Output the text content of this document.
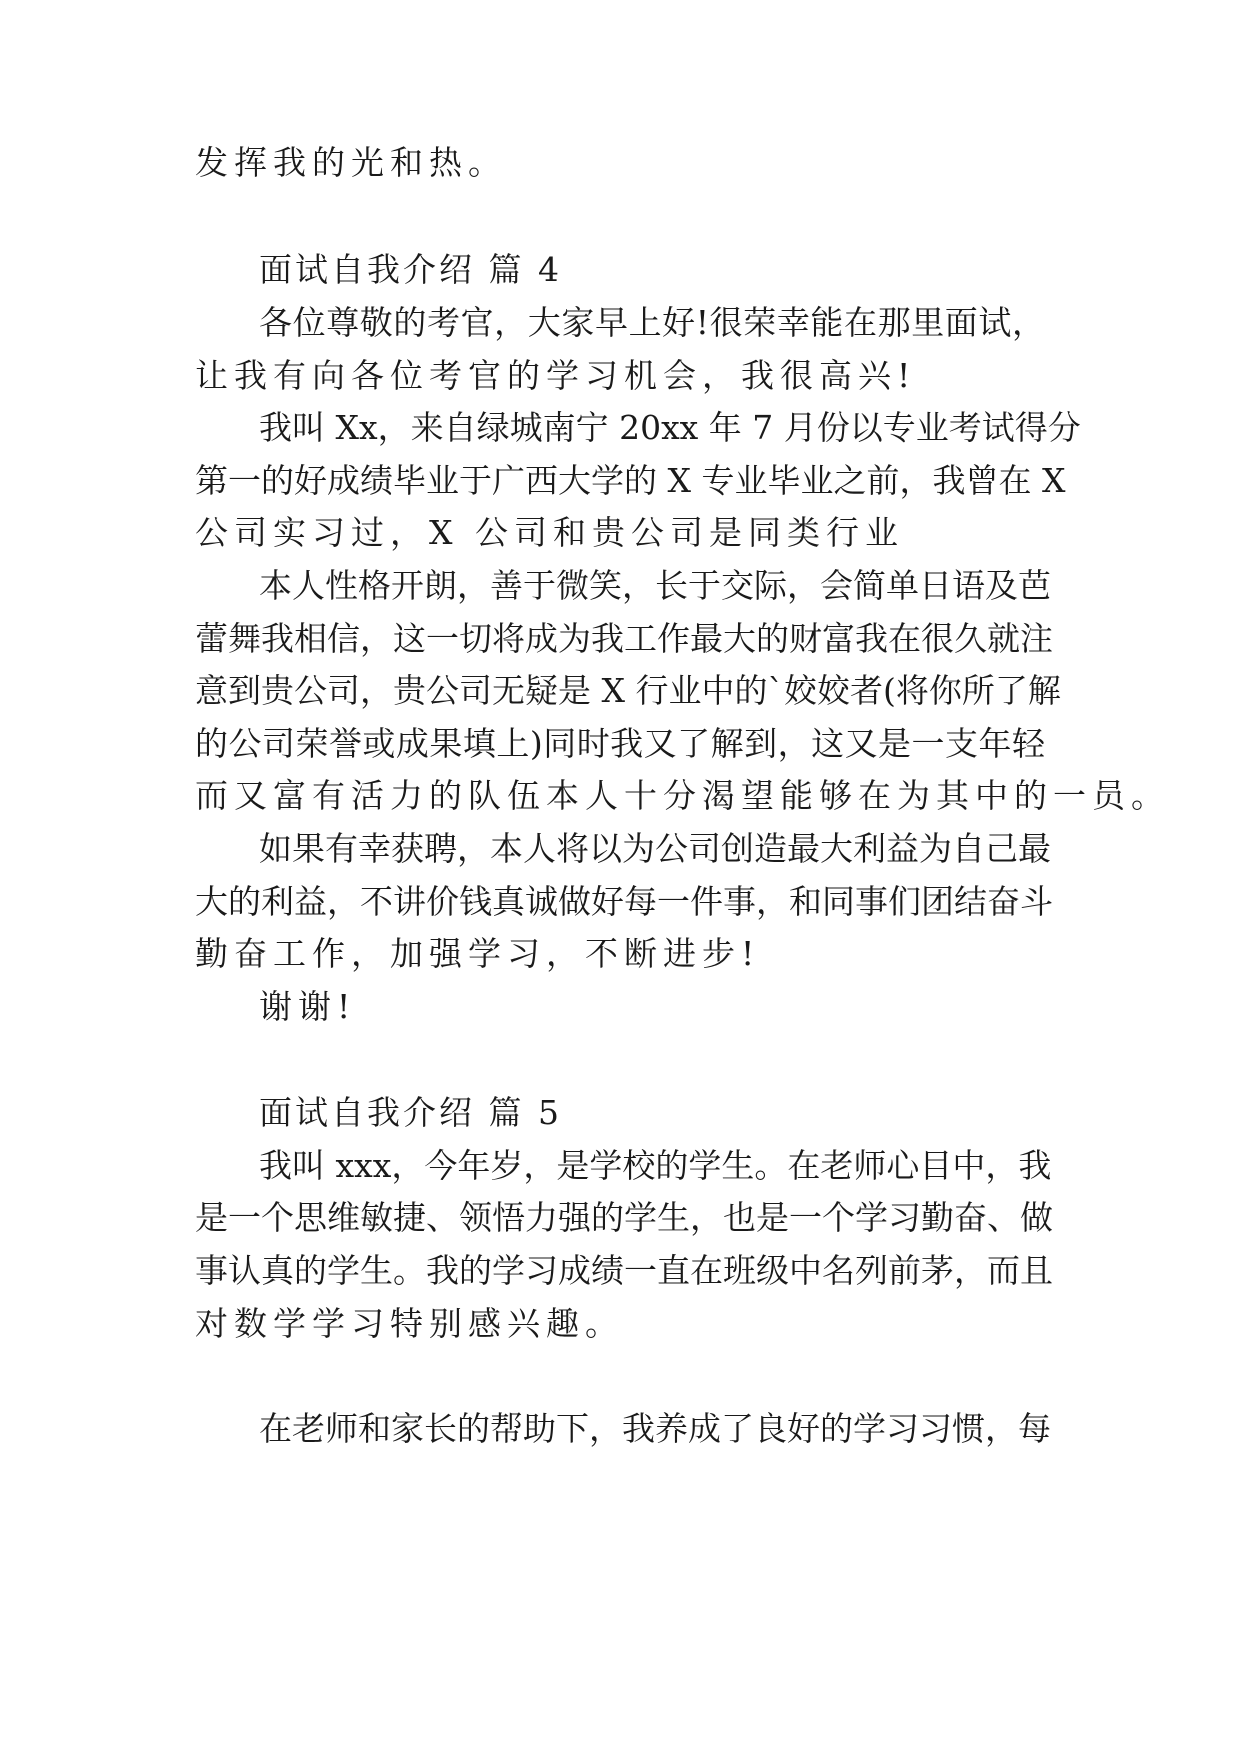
发挥我的光和热。
面试自我介绍 篇 4
各位尊敬的考官，大家早上好!很荣幸能在那里面试，
让我有向各位考官的学习机会，我很高兴!
我叫 Xx，来自绿城南宁 20xx 年 7 月份以专业考试得分
第一的好成绩毕业于广西大学的 X 专业毕业之前，我曾在 X
公司实习过，X 公司和贵公司是同类行业
本人性格开朗，善于微笑，长于交际，会简单日语及芭
蕾舞我相信，这一切将成为我工作最大的财富我在很久就注
意到贵公司，贵公司无疑是 X 行业中的`姣姣者(将你所了解
的公司荣誉或成果填上)同时我又了解到，这又是一支年轻
而又富有活力的队伍本人十分渴望能够在为其中的一员。
如果有幸获聘，本人将以为公司创造最大利益为自己最
大的利益，不讲价钱真诚做好每一件事，和同事们团结奋斗
勤奋工作，加强学习，不断进步!
谢谢!
面试自我介绍 篇 5
我叫 xxx，今年岁，是学校的学生。在老师心目中，我
是一个思维敏捷、领悟力强的学生，也是一个学习勤奋、做
事认真的学生。我的学习成绩一直在班级中名列前茅，而且
对数学学习特别感兴趣。
在老师和家长的帮助下，我养成了良好的学习习惯，每
